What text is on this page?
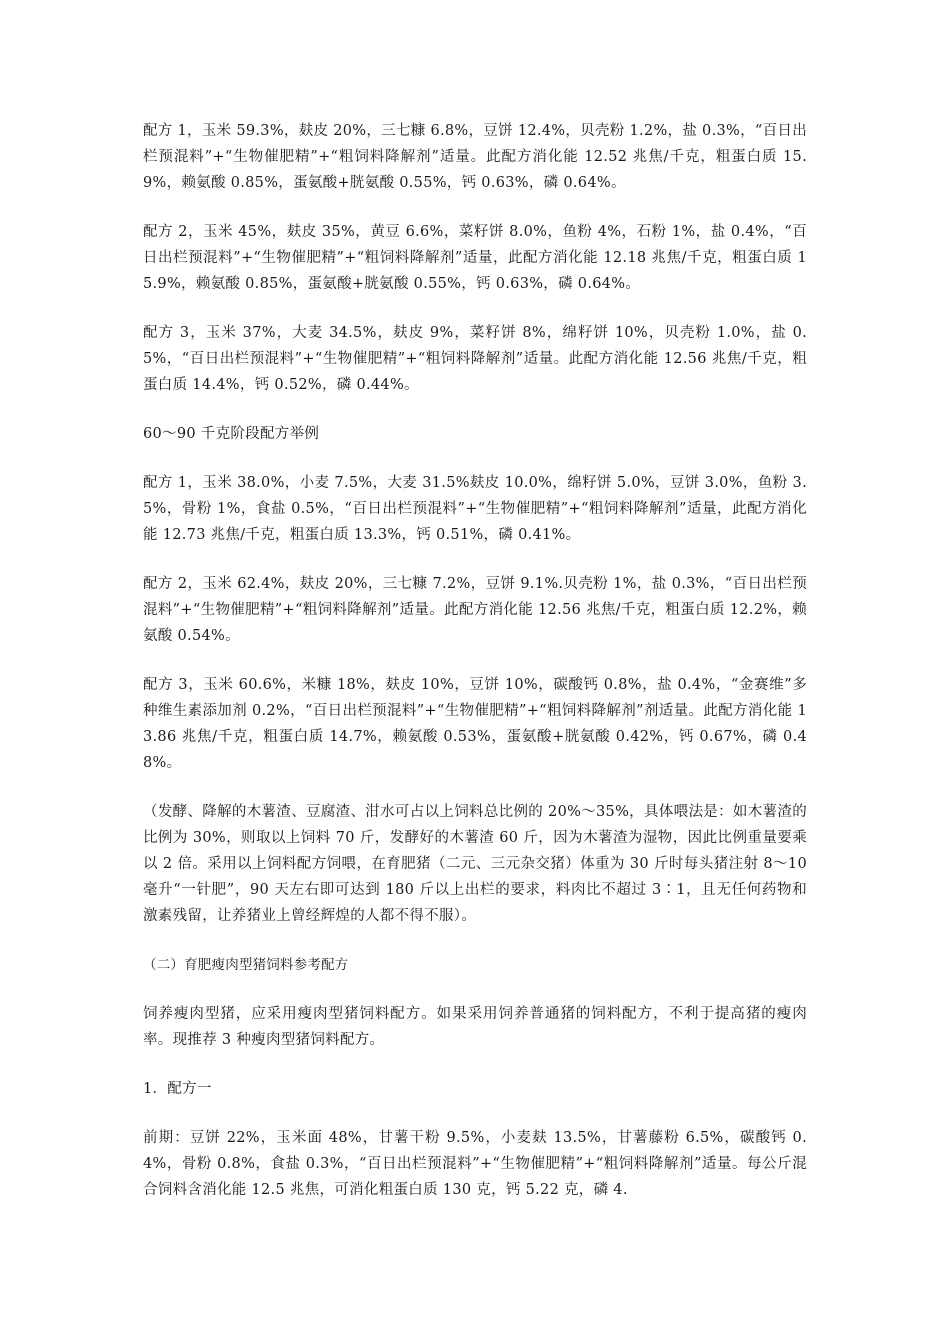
配方 1，玉米 59.3%，麸皮 20%，三七糠 6.8%，豆饼 12.4%，贝壳粉 1.2%，盐 0.3%，“百日出栏预混料”+“生物催肥精”+“粗饲料降解剂”适量。此配方消化能 12.52 兆焦/千克，粗蛋白质 15.9%，赖氨酸 0.85%，蛋氨酸+胱氨酸 0.55%，钙 0.63%，磷 0.64%。

配方 2，玉米 45%，麸皮 35%，黄豆 6.6%，菜籽饼 8.0%，鱼粉 4%，石粉 1%，盐 0.4%，“百日出栏预混料”+“生物催肥精”+“粗饲料降解剂”适量，此配方消化能 12.18 兆焦/千克，粗蛋白质 15.9%，赖氨酸 0.85%，蛋氨酸+胱氨酸 0.55%，钙 0.63%，磷 0.64%。

配方 3，玉米 37%，大麦 34.5%，麸皮 9%，菜籽饼 8%，绵籽饼 10%，贝壳粉 1.0%，盐 0.5%，“百日出栏预混料”+“生物催肥精”+“粗饲料降解剂”适量。此配方消化能 12.56 兆焦/千克，粗蛋白质 14.4%，钙 0.52%，磷 0.44%。

60～90 千克阶段配方举例

配方 1，玉米 38.0%，小麦 7.5%，大麦 31.5%麸皮 10.0%，绵籽饼 5.0%，豆饼 3.0%，鱼粉 3.5%，骨粉 1%，食盐 0.5%，“百日出栏预混料”+“生物催肥精”+“粗饲料降解剂”适量，此配方消化能 12.73 兆焦/千克，粗蛋白质 13.3%，钙 0.51%，磷 0.41%。

配方 2，玉米 62.4%，麸皮 20%，三七糠 7.2%，豆饼 9.1%.贝壳粉 1%，盐 0.3%，“百日出栏预混料”+“生物催肥精”+“粗饲料降解剂”适量。此配方消化能 12.56 兆焦/千克，粗蛋白质 12.2%，赖氨酸 0.54%。

配方 3，玉米 60.6%，米糠 18%，麸皮 10%，豆饼 10%，碳酸钙 0.8%，盐 0.4%，“金赛维”多种维生素添加剂 0.2%，“百日出栏预混料”+“生物催肥精”+“粗饲料降解剂”剂适量。此配方消化能 13.86 兆焦/千克，粗蛋白质 14.7%，赖氨酸 0.53%，蛋氨酸+胱氨酸 0.42%，钙 0.67%，磷 0.48%。

（发酵、降解的木薯渣、豆腐渣、泔水可占以上饲料总比例的 20%～35%，具体喂法是：如木薯渣的比例为 30%，则取以上饲料 70 斤，发酵好的木薯渣 60 斤，因为木薯渣为湿物，因此比例重量要乘以 2 倍。采用以上饲料配方饲喂，在育肥猪（二元、三元杂交猪）体重为 30 斤时每头猪注射 8～10 毫升“一针肥”，90 天左右即可达到 180 斤以上出栏的要求，料肉比不超过 3∶1，且无任何药物和激素残留，让养猪业上曾经辉煌的人都不得不服）。

（二）育肥瘦肉型猪饲料参考配方

饲养瘦肉型猪，应采用瘦肉型猪饲料配方。如果采用饲养普通猪的饲料配方，不利于提高猪的瘦肉率。现推荐 3 种瘦肉型猪饲料配方。

1．配方一

前期：豆饼 22%，玉米面 48%，甘薯干粉 9.5%，小麦麸 13.5%，甘薯藤粉 6.5%，碳酸钙 0.4%，骨粉 0.8%，食盐 0.3%，“百日出栏预混料”+“生物催肥精”+“粗饲料降解剂”适量。每公斤混合饲料含消化能 12.5 兆焦，可消化粗蛋白质 130 克，钙 5.22 克，磷 4.
